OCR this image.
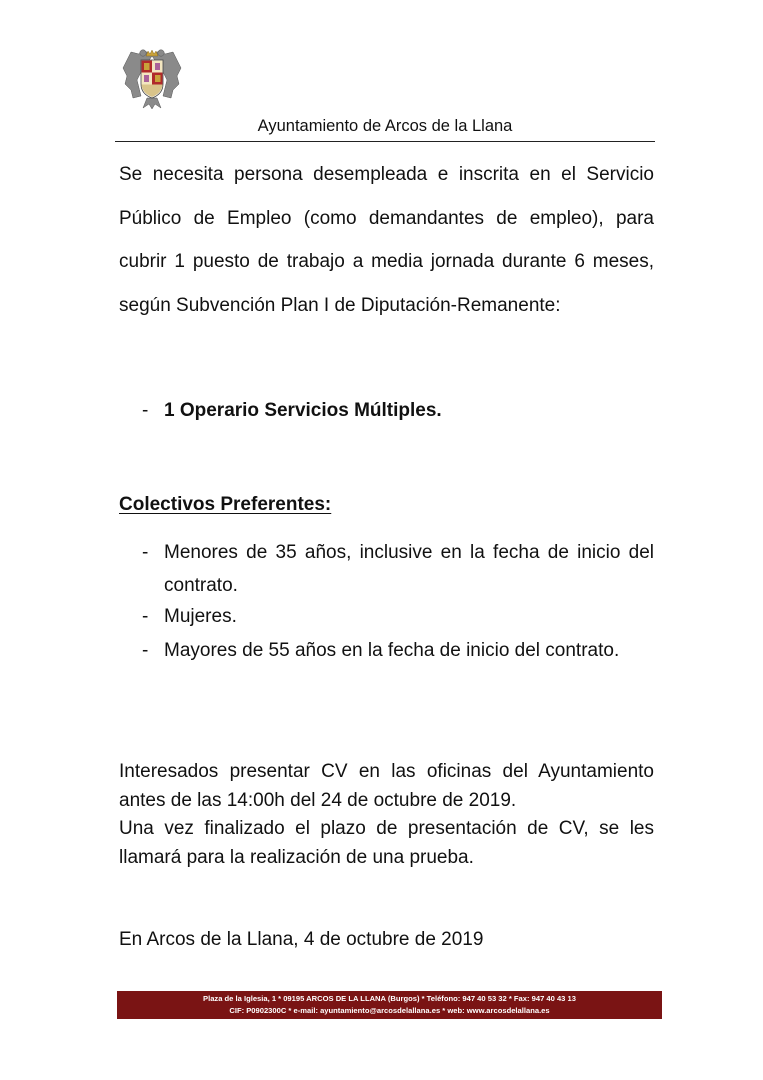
Ayuntamiento de Arcos de la Llana

Se necesita persona desempleada e inscrita en el Servicio Público de Empleo (como demandantes de empleo), para cubrir 1 puesto de trabajo a media jornada durante 6 meses, según Subvención Plan I de Diputación-Remanente:

- 1 Operario Servicios Múltiples.
Colectivos Preferentes:
- Menores de 35 años, inclusive en la fecha de inicio del contrato.
- Mujeres.
- Mayores de 55 años en la fecha de inicio del contrato.
Interesados presentar CV en las oficinas del Ayuntamiento antes de las 14:00h del 24 de octubre de 2019.
Una vez finalizado el plazo de presentación de CV, se les llamará para la realización de una prueba.
En Arcos de la Llana, 4 de octubre de 2019
Plaza de la Iglesia, 1 * 09195 ARCOS DE LA LLANA (Burgos) * Teléfono: 947 40 53 32 * Fax: 947 40 43 13
CIF: P0902300C * e-mail: ayuntamiento@arcosdelallana.es * web: www.arcosdelallana.es
